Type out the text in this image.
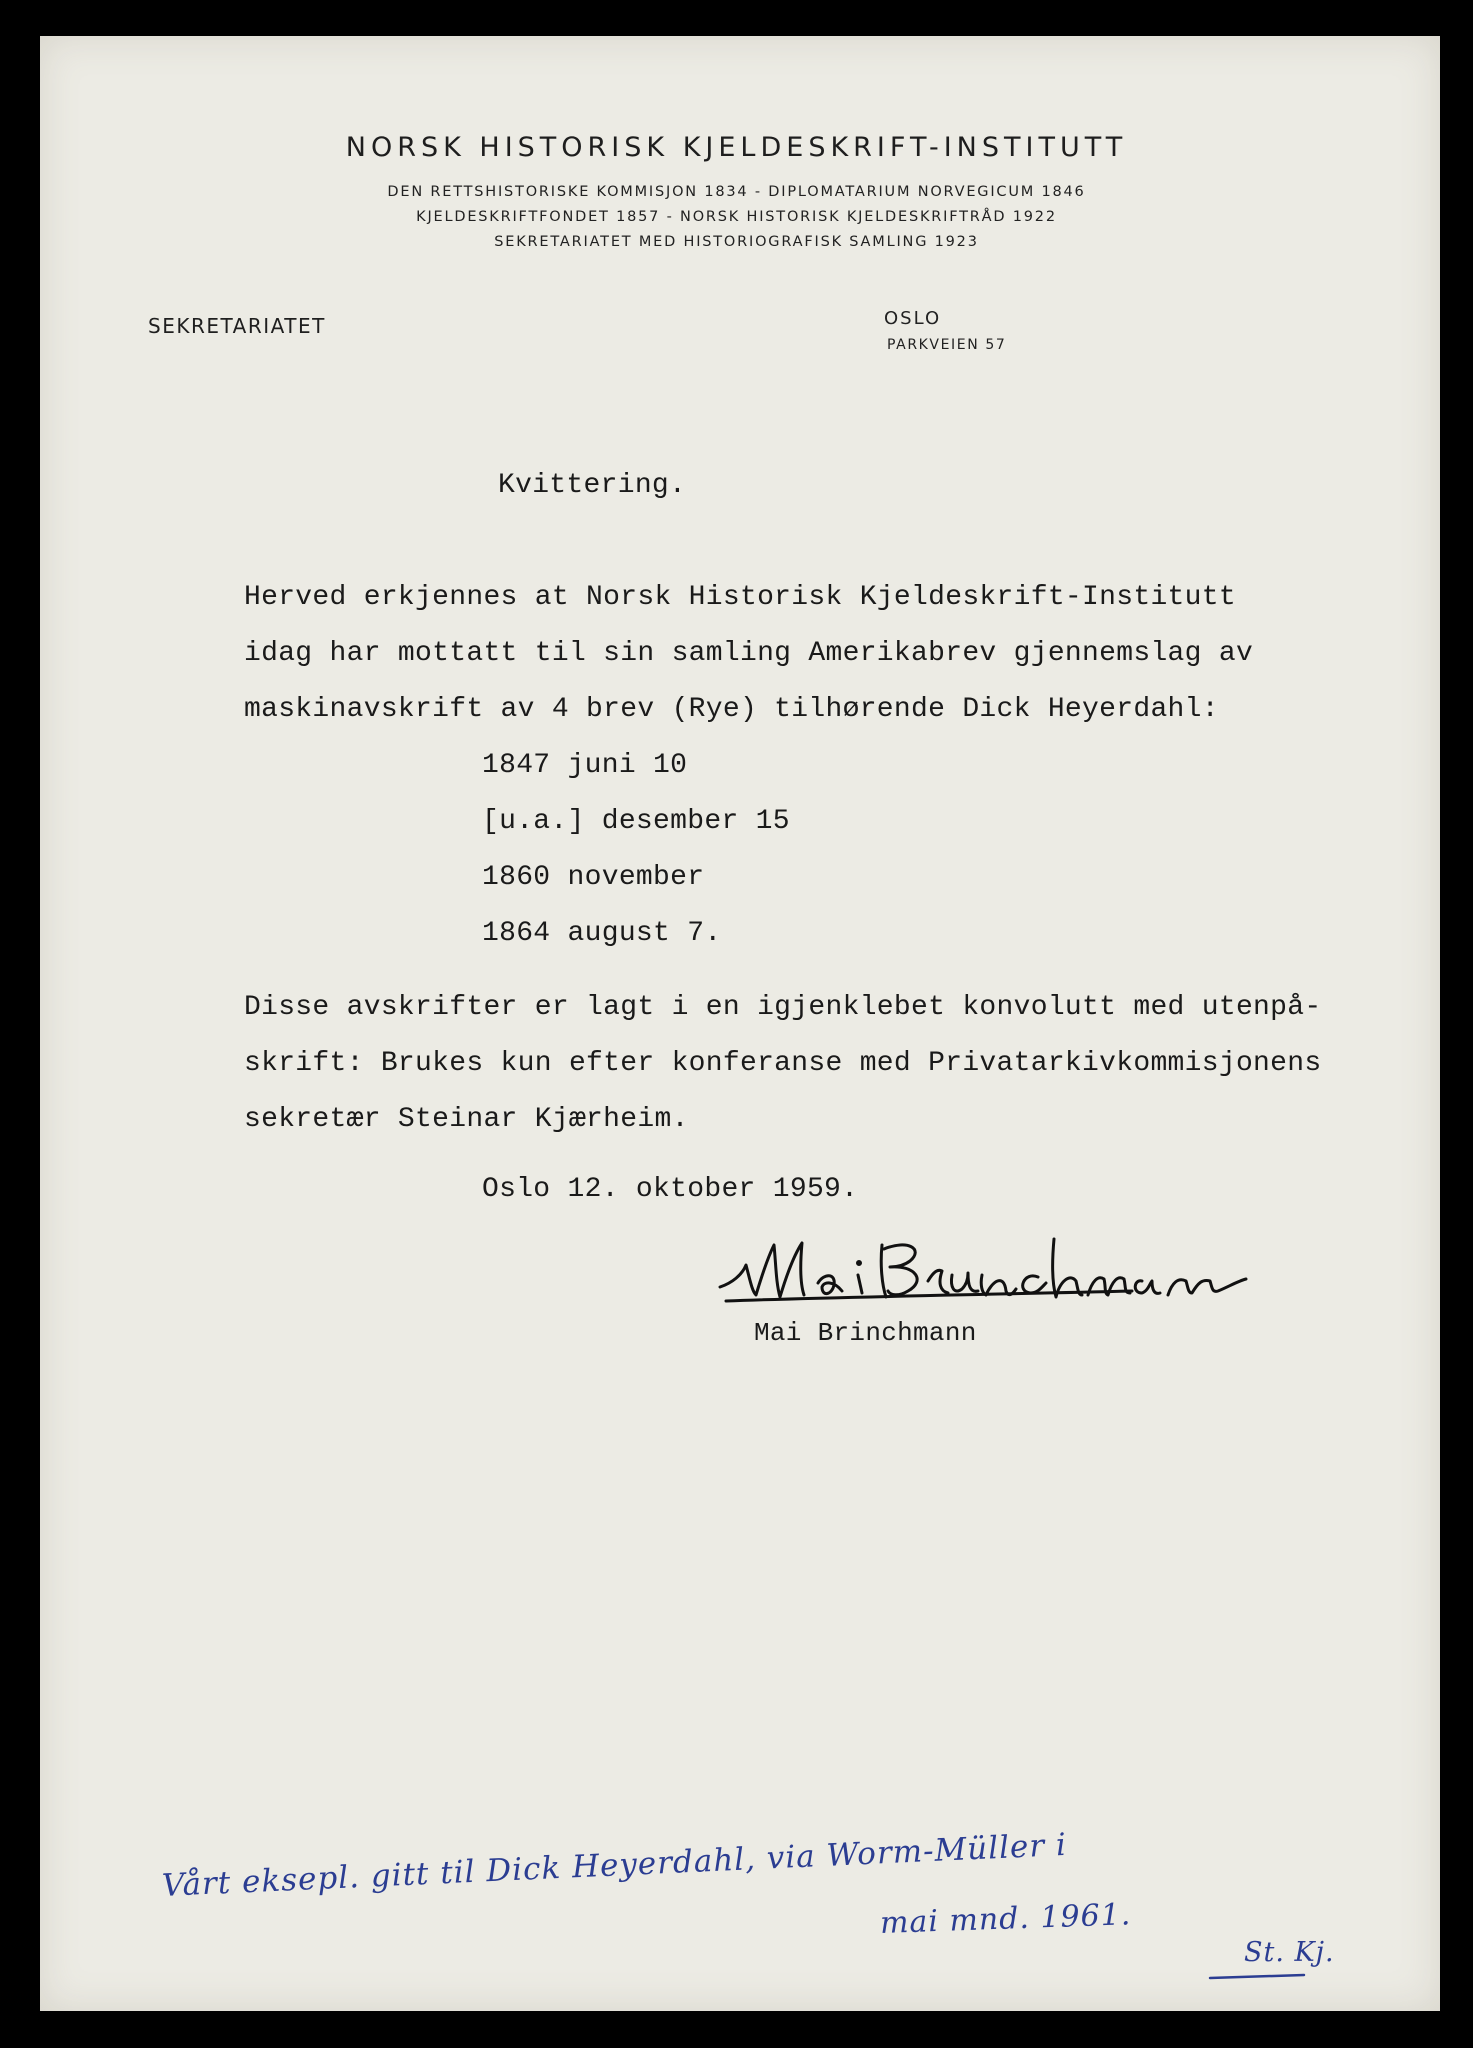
NORSK HISTORISK KJELDESKRIFT-INSTITUTT
DEN RETTSHISTORISKE KOMMISJON 1834 - DIPLOMATARIUM NORVEGICUM 1846
KJELDESKRIFTFONDET 1857 - NORSK HISTORISK KJELDESKRIFTRÅD 1922
SEKRETARIATET MED HISTORIOGRAFISK SAMLING 1923
SEKRETARIATET	OSLO
PARKVEIEN 57
Kvittering.
Herved erkjennes at Norsk Historisk Kjeldeskrift-Institutt
idag har mottatt til sin samling Amerikabrev gjennemslag av
maskinavskrift av 4 brev (Rye) tilhørende Dick Heyerdahl:
1847 juni 10
[u.a.] desember 15
1860 november
1864 august 7.
Disse avskrifter er lagt i en igjenklebet konvolutt med utenpå-
skrift: Brukes kun efter konferanse med Privatarkivkommisjonens
sekretær Steinar Kjærheim.
Oslo 12. oktober 1959.
Mai Brinchmann
Vårt eksepl. gitt til Dick Heyerdahl, via Worm-Müller i
mai mnd. 1961.
St. Kj.
